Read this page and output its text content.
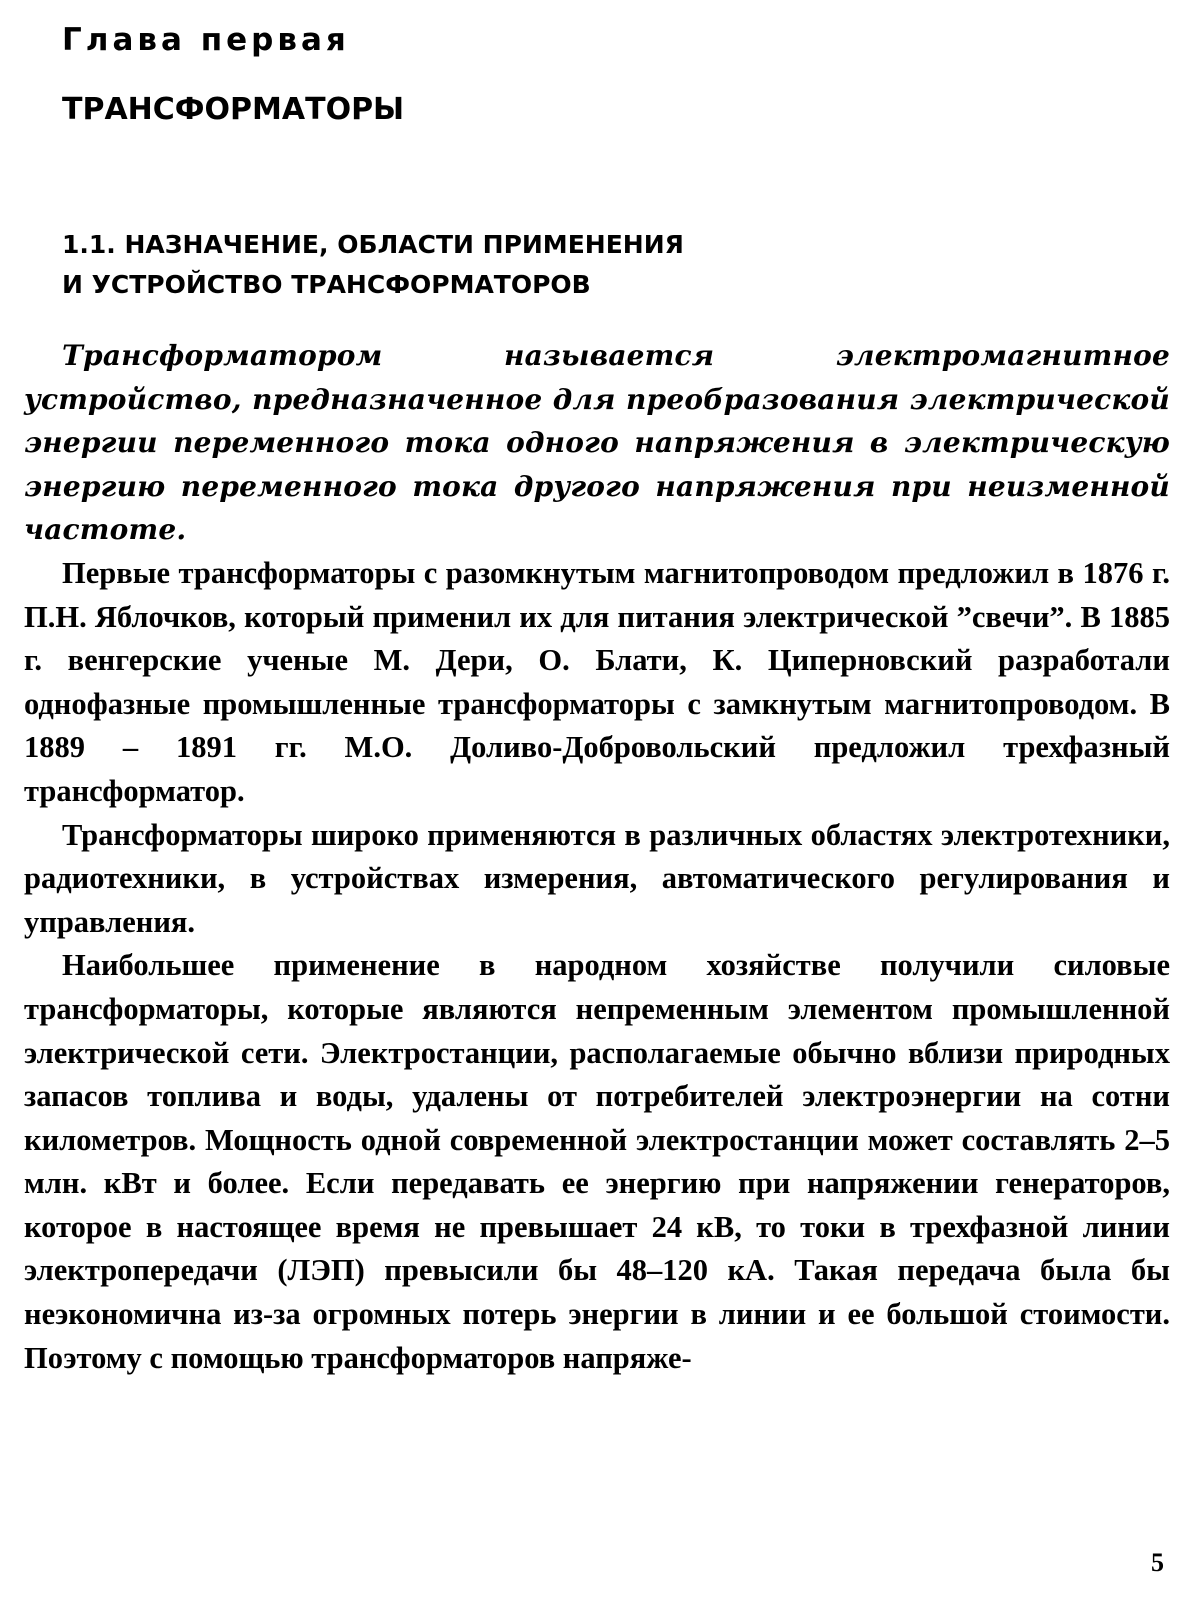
Глава первая

ТРАНСФОРМАТОРЫ
1.1. НАЗНАЧЕНИЕ, ОБЛАСТИ ПРИМЕНЕНИЯ
И УСТРОЙСТВО ТРАНСФОРМАТОРОВ

Трансформатором называется электромагнитное устройство, предназначенное для преобразования электрической энергии переменного тока одного напряжения в электрическую энергию переменного тока другого напряжения при неизменной частоте.

Первые трансформаторы с разомкнутым магнитопроводом предложил в 1876 г. П.Н. Яблочков, который применил их для питания электрической ”свечи”. В 1885 г. венгерские ученые М. Дери, О. Блати, К. Циперновский разработали однофазные промышленные трансформаторы с замкнутым магнитопроводом. В 1889 – 1891 гг. М.О. Доливо-Добровольский предложил трехфазный трансформатор.

Трансформаторы широко применяются в различных областях электротехники, радиотехники, в устройствах измерения, автоматического регулирования и управления.

Наибольшее применение в народном хозяйстве получили силовые трансформаторы, которые являются непременным элементом промышленной электрической сети. Электростанции, располагаемые обычно вблизи природных запасов топлива и воды, удалены от потребителей электроэнергии на сотни километров. Мощность одной современной электростанции может составлять 2–5 млн. кВт и более. Если передавать ее энергию при напряжении генераторов, которое в настоящее время не превышает 24 кВ, то токи в трехфазной линии электропередачи (ЛЭП) превысили бы 48–120 кА. Такая передача была бы неэкономична из-за огромных потерь энергии в линии и ее большой стоимости. Поэтому с помощью трансформаторов напряже-

5
